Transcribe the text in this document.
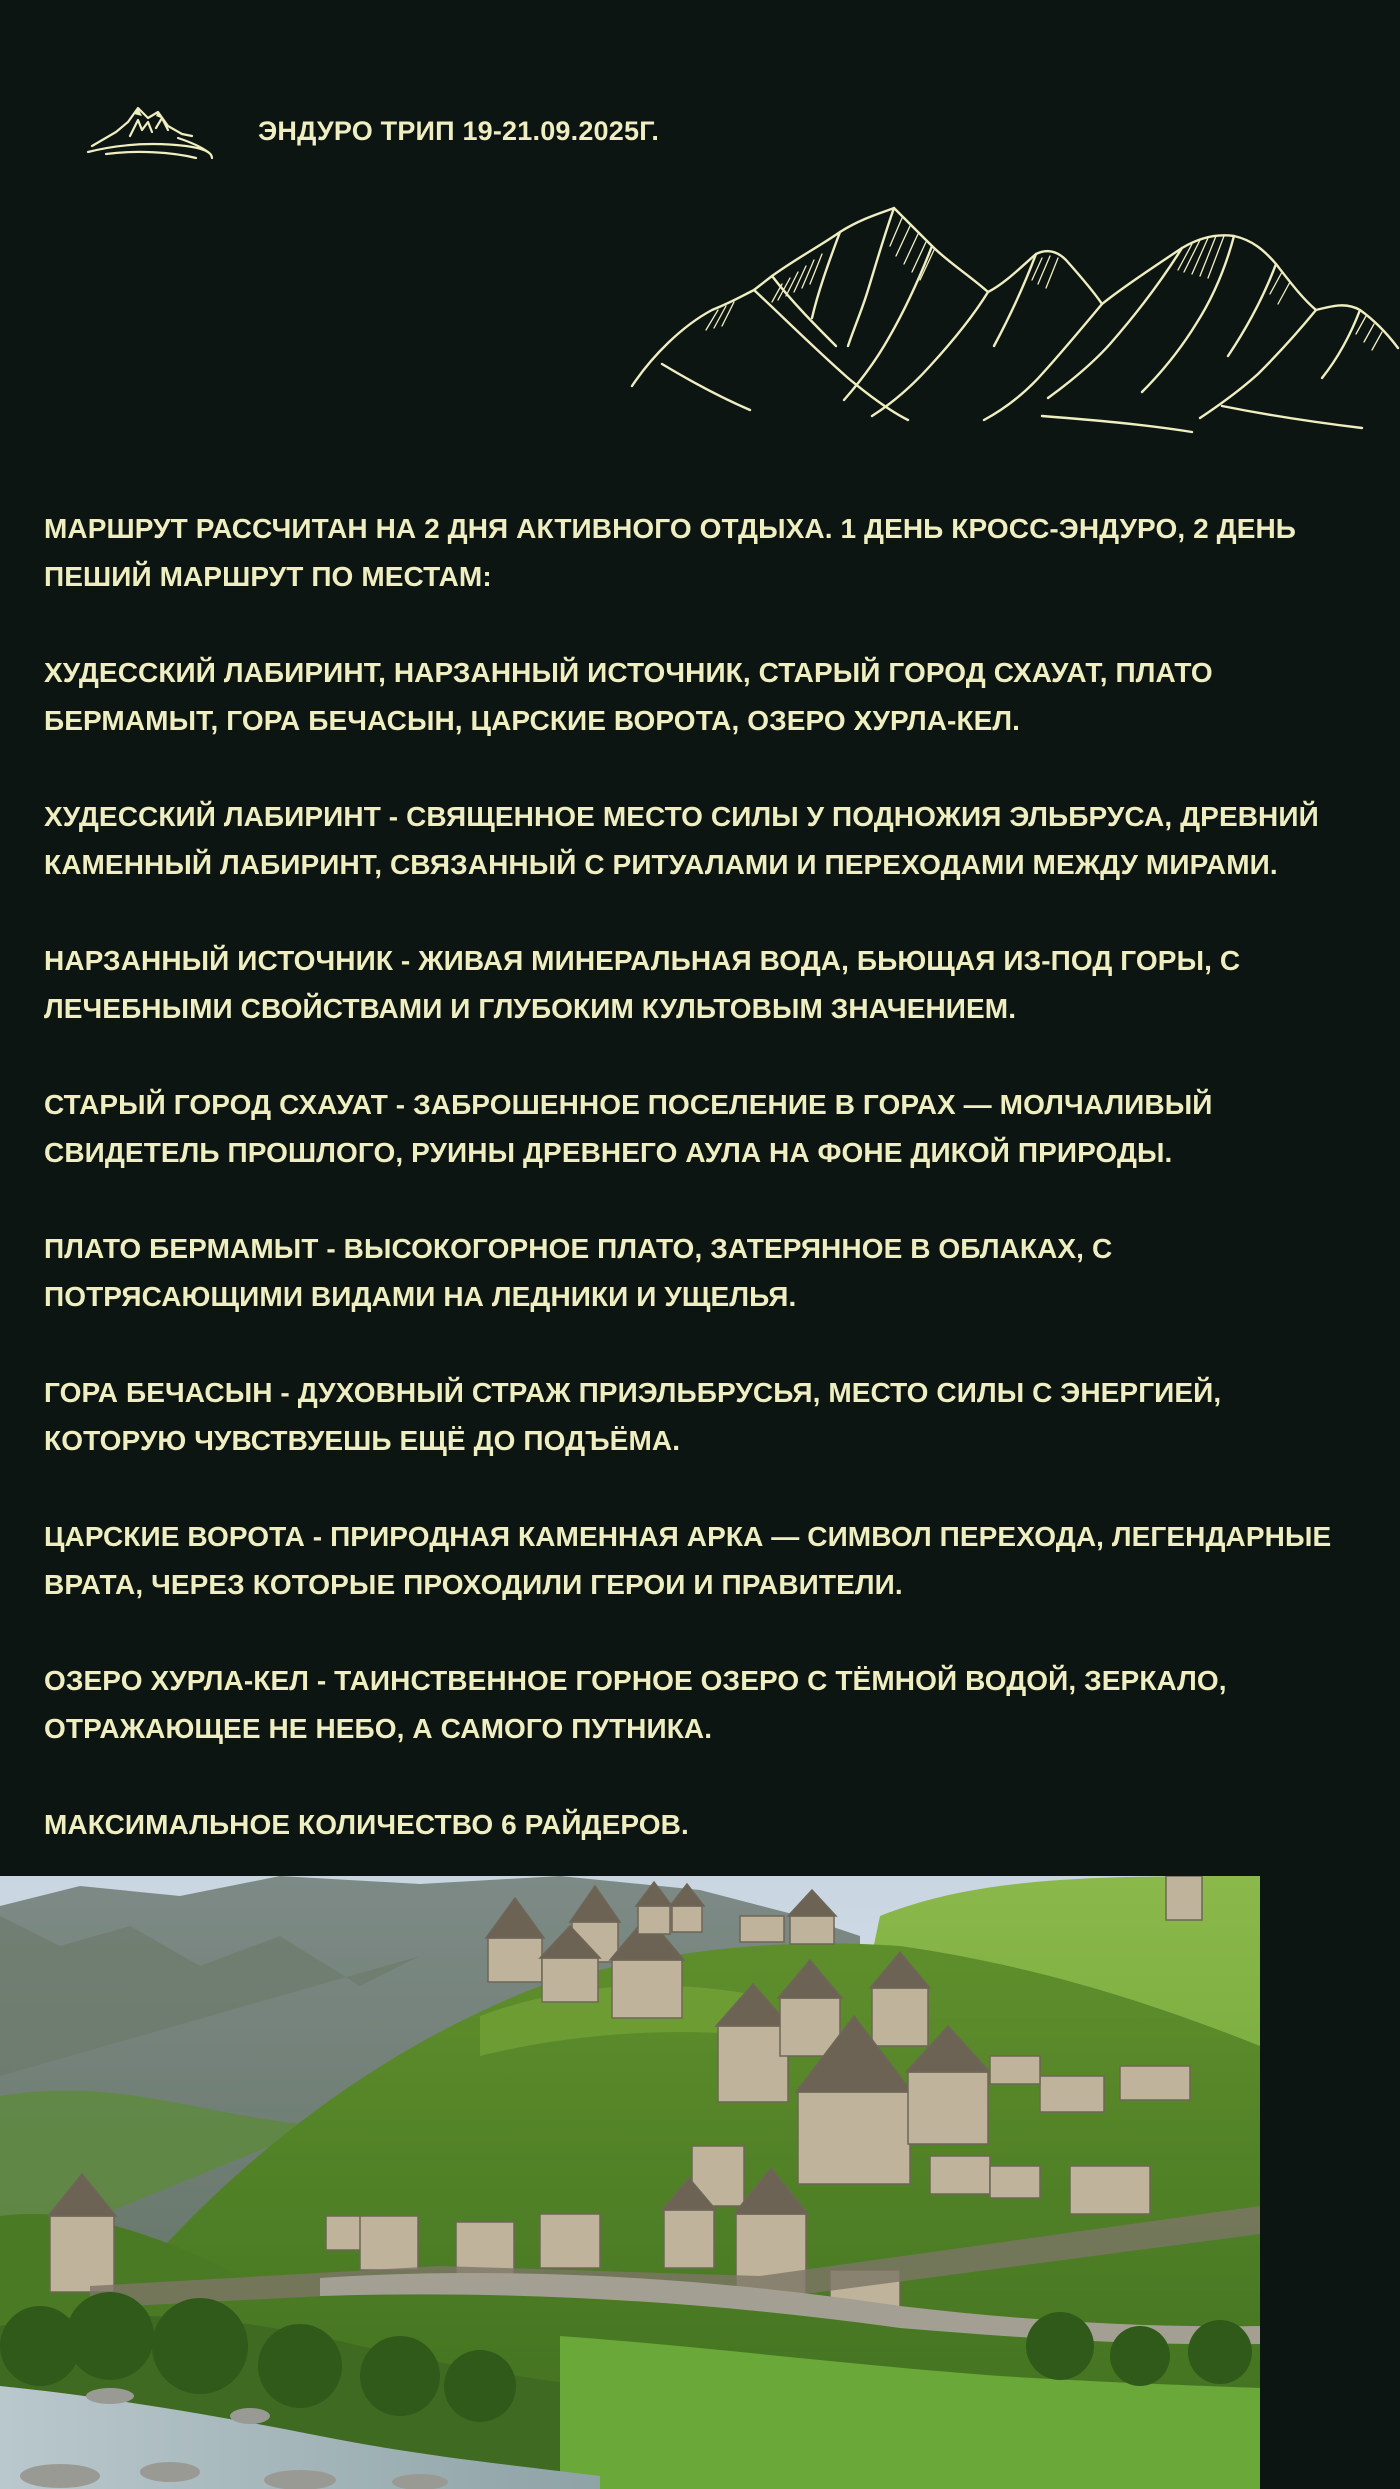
ЭНДУРО ТРИП 19-21.09.2025Г.

МАРШРУТ РАССЧИТАН НА 2 ДНЯ АКТИВНОГО ОТДЫХА. 1 ДЕНЬ КРОСС-ЭНДУРО, 2 ДЕНЬ ПЕШИЙ МАРШРУТ ПО МЕСТАМ:

ХУДЕССКИЙ ЛАБИРИНТ, НАРЗАННЫЙ ИСТОЧНИК, СТАРЫЙ ГОРОД СХАУАТ, ПЛАТО БЕРМАМЫТ, ГОРА БЕЧАСЫН, ЦАРСКИЕ ВОРОТА, ОЗЕРО ХУРЛА-КЕЛ.

ХУДЕССКИЙ ЛАБИРИНТ - СВЯЩЕННОЕ МЕСТО СИЛЫ У ПОДНОЖИЯ ЭЛЬБРУСА, ДРЕВНИЙ КАМЕННЫЙ ЛАБИРИНТ, СВЯЗАННЫЙ С РИТУАЛАМИ И ПЕРЕХОДАМИ МЕЖДУ МИРАМИ.

НАРЗАННЫЙ ИСТОЧНИК - ЖИВАЯ МИНЕРАЛЬНАЯ ВОДА, БЬЮЩАЯ ИЗ-ПОД ГОРЫ, С ЛЕЧЕБНЫМИ СВОЙСТВАМИ И ГЛУБОКИМ КУЛЬТОВЫМ ЗНАЧЕНИЕМ.

СТАРЫЙ ГОРОД СХАУАТ - ЗАБРОШЕННОЕ ПОСЕЛЕНИЕ В ГОРАХ — МОЛЧАЛИВЫЙ СВИДЕТЕЛЬ ПРОШЛОГО, РУИНЫ ДРЕВНЕГО АУЛА НА ФОНЕ ДИКОЙ ПРИРОДЫ.

ПЛАТО БЕРМАМЫТ - ВЫСОКОГОРНОЕ ПЛАТО, ЗАТЕРЯННОЕ В ОБЛАКАХ, С ПОТРЯСАЮЩИМИ ВИДАМИ НА ЛЕДНИКИ И УЩЕЛЬЯ.

ГОРА БЕЧАСЫН - ДУХОВНЫЙ СТРАЖ ПРИЭЛЬБРУСЬЯ, МЕСТО СИЛЫ С ЭНЕРГИЕЙ, КОТОРУЮ ЧУВСТВУЕШЬ ЕЩЁ ДО ПОДЪЁМА.

ЦАРСКИЕ ВОРОТА - ПРИРОДНАЯ КАМЕННАЯ АРКА — СИМВОЛ ПЕРЕХОДА, ЛЕГЕНДАРНЫЕ ВРАТА, ЧЕРЕЗ КОТОРЫЕ ПРОХОДИЛИ ГЕРОИ И ПРАВИТЕЛИ.

ОЗЕРО ХУРЛА-КЕЛ - ТАИНСТВЕННОЕ ГОРНОЕ ОЗЕРО С ТЁМНОЙ ВОДОЙ, ЗЕРКАЛО, ОТРАЖАЮЩЕЕ НЕ НЕБО, А САМОГО ПУТНИКА.

МАКСИМАЛЬНОЕ КОЛИЧЕСТВО 6 РАЙДЕРОВ.
